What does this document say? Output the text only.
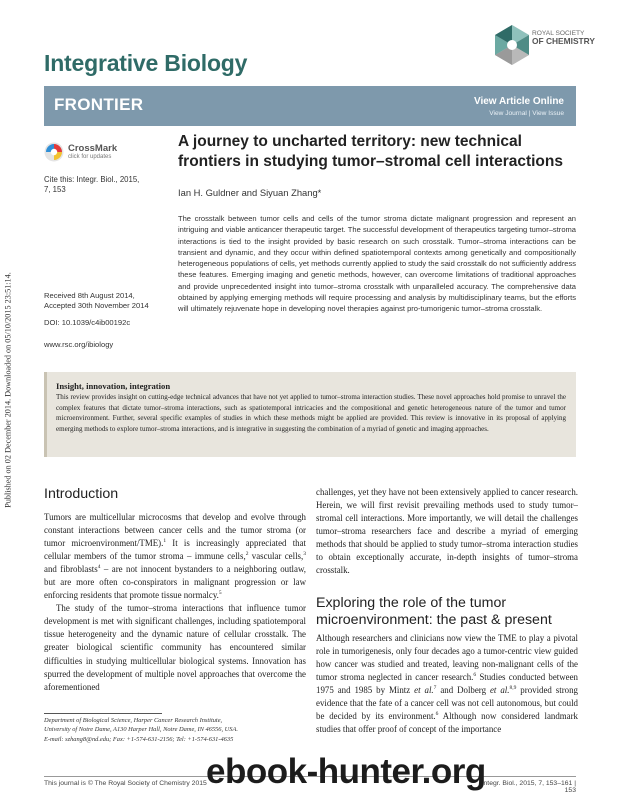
Published on 02 December 2014. Downloaded on 05/10/2015 23:51:14.
Integrative Biology
ROYAL SOCIETY
OF CHEMISTRY
FRONTIER	View Article Online
View Journal | View Issue
CrossMark
click for updates
Cite this: Integr. Biol., 2015,
7, 153
A journey to uncharted territory: new technical frontiers in studying tumor–stromal cell interactions
Ian H. Guldner and Siyuan Zhang*
The crosstalk between tumor cells and cells of the tumor stroma dictate malignant progression and represent an intriguing and viable anticancer therapeutic target. The successful development of therapeutics targeting tumor–stroma interactions is tied to the insight provided by basic research on such crosstalk. Tumor–stroma interactions can be transient and dynamic, and they occur within defined spatiotemporal contexts among genetically and compositionally heterogeneous populations of cells, yet methods currently applied to study the said crosstalk do not sufficiently address these features. Emerging imaging and genetic methods, however, can overcome limitations of traditional approaches and provide unprecedented insight into tumor–stroma crosstalk with unparalleled accuracy. The comprehensive data obtained by applying emerging methods will require processing and analysis by multidisciplinary teams, but the efforts will ultimately rejuvenate hope in developing novel therapies against pro-tumorigenic tumor–stroma crosstalk.
Received 8th August 2014,
Accepted 30th November 2014
DOI: 10.1039/c4ib00192c
www.rsc.org/ibiology
Insight, innovation, integration
This review provides insight on cutting-edge technical advances that have not yet applied to tumor–stroma interaction studies. These novel approaches hold promise to unravel the complex features that dictate tumor–stroma interactions, such as spatiotemporal intricacies and the compositional and genetic heterogeneous nature of the tumor and tumor microenvironment. Further, several specific examples of studies in which these methods might be applied are provided. This review is innovative in its proposal of applying emerging methods to explore tumor–stroma interactions, and is integrative in suggesting the combination of a myriad of genetic and imaging approaches.
Introduction

Tumors are multicellular microcosms that develop and evolve through constant interactions between cancer cells and the tumor stroma (or tumor microenvironment/TME).$^1$ It is increasingly appreciated that cellular members of the tumor stroma – immune cells,$^2$ vascular cells,$^3$ and fibroblasts$^4$ – are not innocent bystanders to a neighboring outlaw, but are more often co-conspirators in malignant progression or law enforcing residents that promote tissue normalcy.$^5$

The study of the tumor–stroma interactions that influence tumor development is met with significant challenges, including spatiotemporal tissue heterogeneity and the dynamic nature of cellular crosstalk. The greater biological scientific community has encountered similar difficulties in studying multicellular biological systems. Innovation has spurred the development of multiple novel approaches that overcome the aforementioned

challenges, yet they have not been extensively applied to cancer research. Herein, we will first revisit prevailing methods used to study tumor–stromal cell interactions. More importantly, we will detail the challenges tumor–stroma researchers face and describe a myriad of emerging methods that should be applied to study tumor–stroma interaction studies to obtain exceptionally accurate, in-depth insights of tumor–stroma crosstalk.

Exploring the role of the tumor microenvironment: the past & present

Although researchers and clinicians now view the TME to play a pivotal role in tumorigenesis, only four decades ago a tumor-centric view guided how cancer was studied and treated, leaving non-malignant cells of the tumor stroma neglected in cancer research.$^6$ Studies conducted between 1975 and 1985 by Mintz et al.$^7$ and Dolberg et al.$^{8,9}$ provided strong evidence that the fate of a cancer cell was not cell autonomous, but could be decided by its environment.$^6$ Although now considered landmark studies that offer proof of concept of the importance

Department of Biological Science, Harper Cancer Research Institute,
University of Notre Dame, A130 Harper Hall, Notre Dame, IN 46556, USA.
E-mail: szhang8@nd.edu; Fax: +1-574-631-2156; Tel: +1-574-631-4635
This journal is © The Royal Society of Chemistry 2015	Integr. Biol., 2015, 7, 153–161 | 153
ebook-hunter.org
